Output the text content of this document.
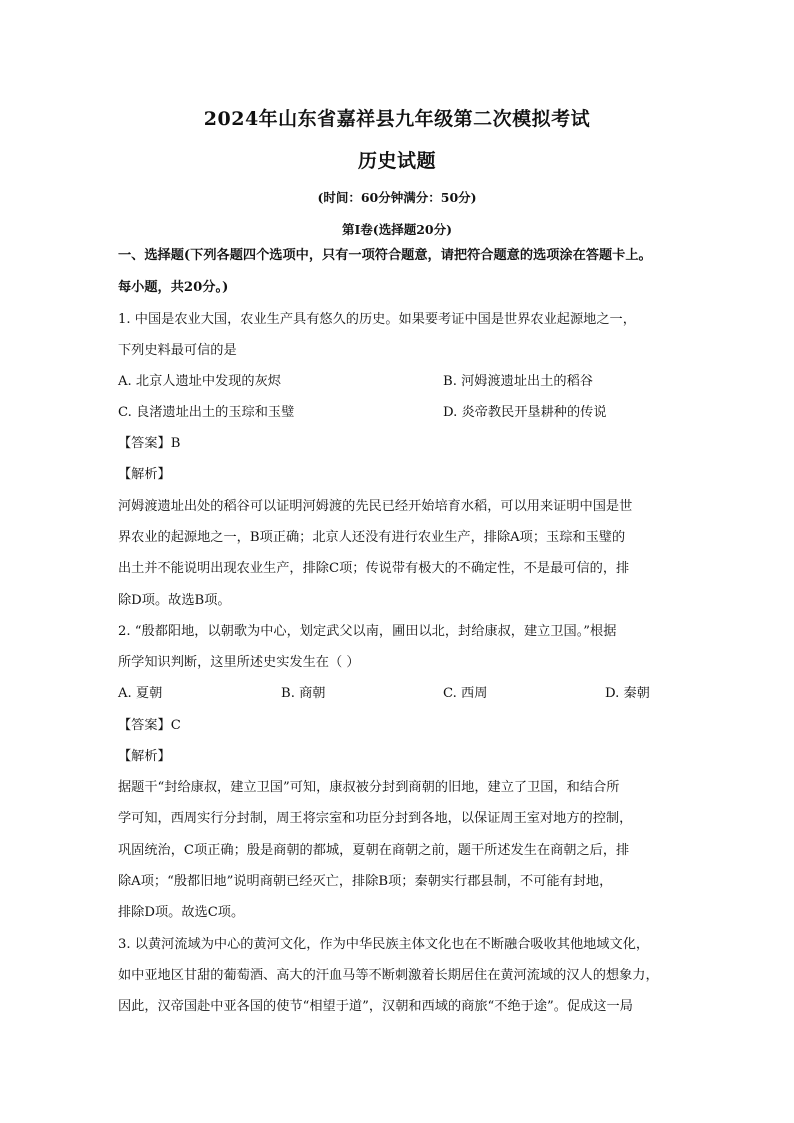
2024年山东省嘉祥县九年级第二次模拟考试
历史试题
(时间：60分钟满分：50分)
第Ⅰ卷(选择题20分)
一、选择题(下列各题四个选项中，只有一项符合题意，请把符合题意的选项涂在答题卡上。
每小题，共20分。)
1. 中国是农业大国，农业生产具有悠久的历史。如果要考证中国是世界农业起源地之一，
下列史料最可信的是
A. 北京人遗址中发现的灰烬	B. 河姆渡遗址出土的稻谷
C. 良渚遗址出土的玉琮和玉璧	D. 炎帝教民开垦耕种的传说
【答案】B
【解析】
河姆渡遗址出处的稻谷可以证明河姆渡的先民已经开始培育水稻，可以用来证明中国是世
界农业的起源地之一，B项正确；北京人还没有进行农业生产，排除A项；玉琮和玉璧的
出土并不能说明出现农业生产，排除C项；传说带有极大的不确定性，不是最可信的，排
除D项。故选B项。
2. “殷都阳地，以朝歌为中心，划定武父以南，圃田以北，封给康叔，建立卫国。”根据
所学知识判断，这里所述史实发生在（ ）
A. 夏朝	B. 商朝	C. 西周	D. 秦朝
【答案】C
【解析】
据题干“封给康叔，建立卫国”可知，康叔被分封到商朝的旧地，建立了卫国，和结合所
学可知，西周实行分封制，周王将宗室和功臣分封到各地，以保证周王室对地方的控制，
巩固统治，C项正确；殷是商朝的都城，夏朝在商朝之前，题干所述发生在商朝之后，排
除A项；“殷都旧地”说明商朝已经灭亡，排除B项；秦朝实行郡县制，不可能有封地，
排除D项。故选C项。
3. 以黄河流域为中心的黄河文化，作为中华民族主体文化也在不断融合吸收其他地域文化，
如中亚地区甘甜的葡萄酒、高大的汗血马等不断刺激着长期居住在黄河流域的汉人的想象力，
因此，汉帝国赴中亚各国的使节“相望于道”，汉朝和西域的商旅“不绝于途”。促成这一局
